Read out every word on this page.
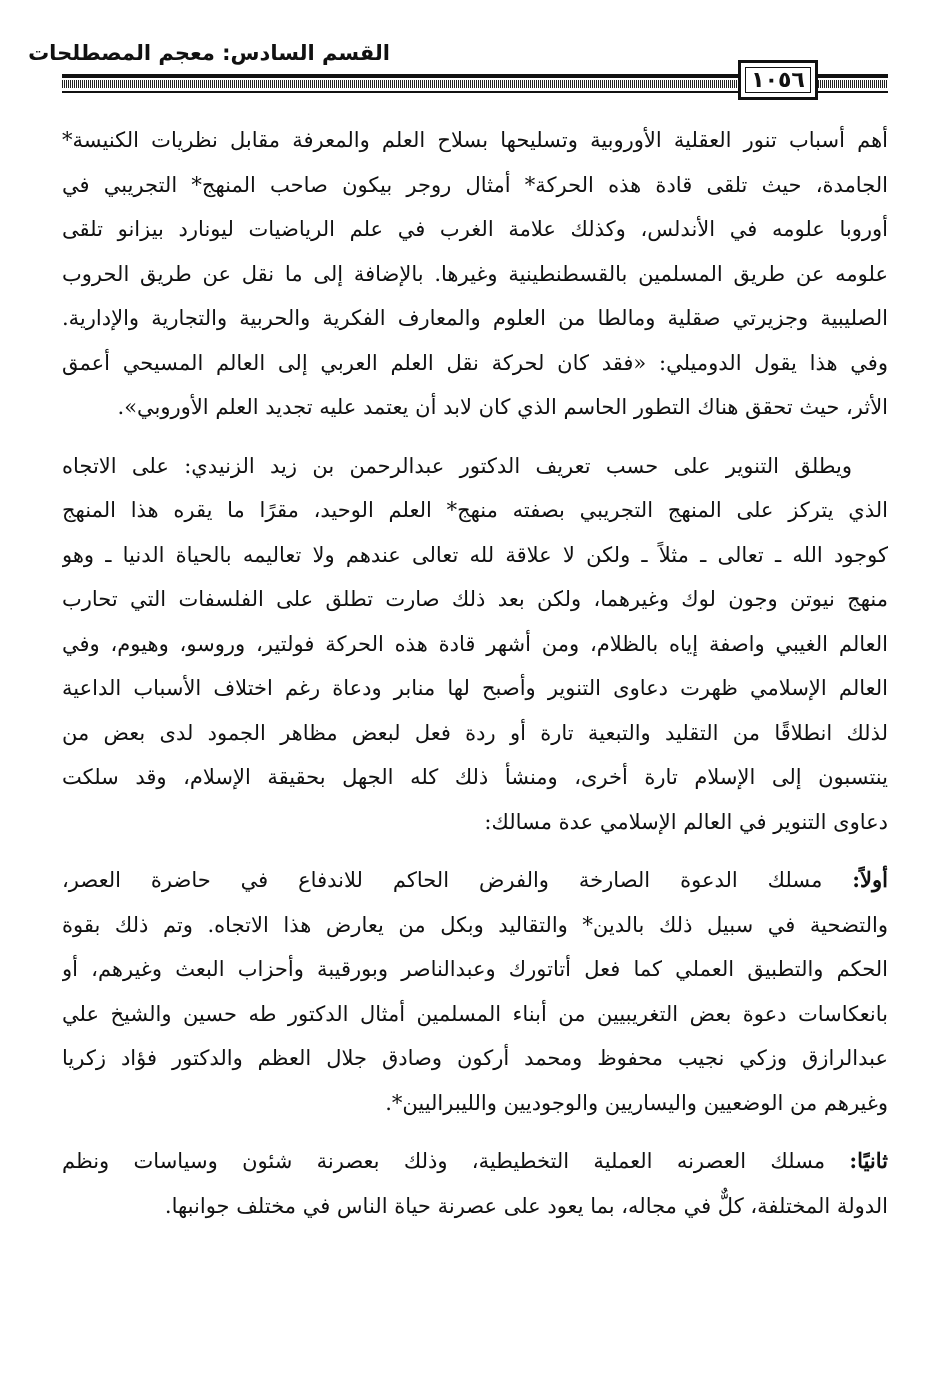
القسم السادس: معجم المصطلحات
١٠٥٦
أهم أسباب تنور العقلية الأوروبية وتسليحها بسلاح العلم والمعرفة مقابل نظريات الكنيسة*
الجامدة، حيث تلقى قادة هذه الحركة* أمثال روجر بيكون صاحب المنهج* التجريبي في
أوروبا علومه في الأندلس، وكذلك علامة الغرب في علم الرياضيات ليونارد بيزانو تلقى
علومه عن طريق المسلمين بالقسطنطينية وغيرها. بالإضافة إلى ما نقل عن طريق الحروب
الصليبية وجزيرتي صقلية ومالطا من العلوم والمعارف الفكرية والحربية والتجارية والإدارية.
وفي هذا يقول الدوميلي: «فقد كان لحركة نقل العلم العربي إلى العالم المسيحي أعمق
الأثر، حيث تحقق هناك التطور الحاسم الذي كان لابد أن يعتمد عليه تجديد العلم الأوروبي».
ويطلق التنوير على حسب تعريف الدكتور عبدالرحمن بن زيد الزنيدي: على الاتجاه
الذي يتركز على المنهج التجريبي بصفته منهج* العلم الوحيد، مقرًا ما يقره هذا المنهج
كوجود الله ـ تعالى ـ مثلاً ـ ولكن لا علاقة لله تعالى عندهم ولا تعاليمه بالحياة الدنيا ـ وهو
منهج نيوتن وجون لوك وغيرهما، ولكن بعد ذلك صارت تطلق على الفلسفات التي تحارب
العالم الغيبي واصفة إياه بالظلام، ومن أشهر قادة هذه الحركة فولتير، وروسو، وهيوم، وفي
العالم الإسلامي ظهرت دعاوى التنوير وأصبح لها منابر ودعاة رغم اختلاف الأسباب الداعية
لذلك انطلاقًا من التقليد والتبعية تارة أو ردة فعل لبعض مظاهر الجمود لدى بعض من
ينتسبون إلى الإسلام تارة أخرى، ومنشأ ذلك كله الجهل بحقيقة الإسلام، وقد سلكت
دعاوى التنوير في العالم الإسلامي عدة مسالك:
أولاً: مسلك الدعوة الصارخة والفرض الحاكم للاندفاع في حاضرة العصر،
والتضحية في سبيل ذلك بالدين* والتقاليد وبكل من يعارض هذا الاتجاه. وتم ذلك بقوة
الحكم والتطبيق العملي كما فعل أتاتورك وعبدالناصر وبورقيبة وأحزاب البعث وغيرهم، أو
بانعكاسات دعوة بعض التغريبيين من أبناء المسلمين أمثال الدكتور طه حسين والشيخ علي
عبدالرازق وزكي نجيب محفوظ ومحمد أركون وصادق جلال العظم والدكتور فؤاد زكريا
وغيرهم من الوضعيين واليساريين والوجوديين والليبراليين*.
ثانيًا: مسلك العصرنه العملية التخطيطية، وذلك بعصرنة شئون وسياسات ونظم
الدولة المختلفة، كلٌّ في مجاله، بما يعود على عصرنة حياة الناس في مختلف جوانبها.
